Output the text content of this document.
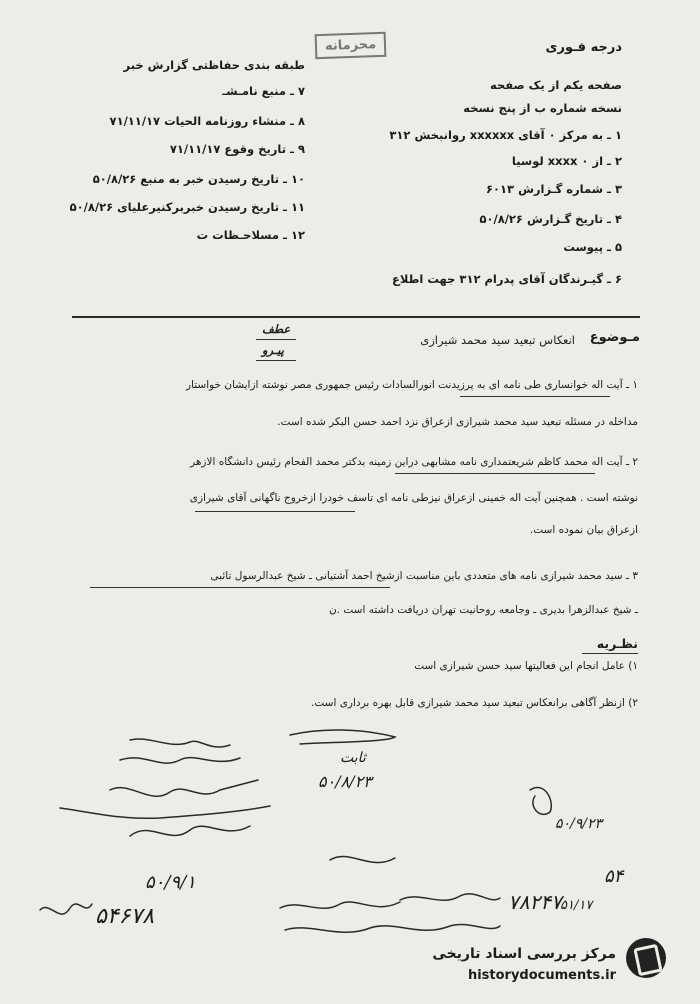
درجه فـوری
محرمانه
طبقه بندی حفاظتی گزارش خبر
صفحه یکم از یک صفحه
نسخه شماره ب از پنج نسخه
۱ ـ به مرکز ۰ آقای xxxxxx روانبخش ۳۱۲
۲ ـ از ۰ xxxx لوسیا
۳ ـ شماره گـزارش ۶۰۱۳
۴ ـ تاریخ گـزارش ۵۰/۸/۲۶
۵ ـ پیوست
۶ ـ گیـرندگان آقای پدرام ۳۱۲ جهت اطلاع
۷ ـ منبع نامـشـ
۸ ـ منشاء روزنامه الحیات ۷۱/۱۱/۱۷
۹ ـ تاریخ وقوع ۷۱/۱۱/۱۷
۱۰ ـ تاریخ رسیدن خبر به منبع ۵۰/۸/۲۶
۱۱ ـ تاریخ رسیدن خبربرکنیرعلیای ۵۰/۸/۲۶
۱۲ ـ مسلاحـظات ت
مـوضوع
انعکاس تبعید سید محمد شیرازی
عطف
پیـرو
۱ ـ آیت اله خوانساری طی نامه ای به پرزیدنت انورالسادات رئیس جمهوری مصر نوشته ازایشان خواستار
مداخله در مسئله تبعید سید محمد شیرازی ازعراق نزد احمد حسن البکر شده است.
۲ ـ آیت اله محمد کاظم شریعتمداری نامه مشابهی دراین زمینه بدکتر محمد الفحام رئیس دانشگاه الازهر
نوشته است . همچنین آیت اله خمینی ازعراق نیزطی نامه ای تاسف خودرا ازخروج ناگهانی آقای شیرازی
ازعراق بیان نموده است.
۳ ـ سید محمد شیرازی نامه های متعددی باین مناسبت ازشیخ احمد آشتیانی ـ شیخ عبدالرسول تائبی
ـ شیخ عبدالزهرا بدیری ـ وجامعه روحانیت تهران دریافت داشته است .ن
نظـریه
۱) عامل انجام این فعالیتها سید حسن شیرازی است
۲) ازنظر آگاهی برانعکاس تبعید سید محمد شیرازی قابل بهره برداری است.
ثابت
۵۰/۸/۲۳
۵۰/۹/۲۳
۵۴
۵۰/۹/۱
۵۴۶۷۸
۷۸۲۴۷
۵۱/۱۷
مرکز بررسی اسناد تاریخی
historydocuments.ir
